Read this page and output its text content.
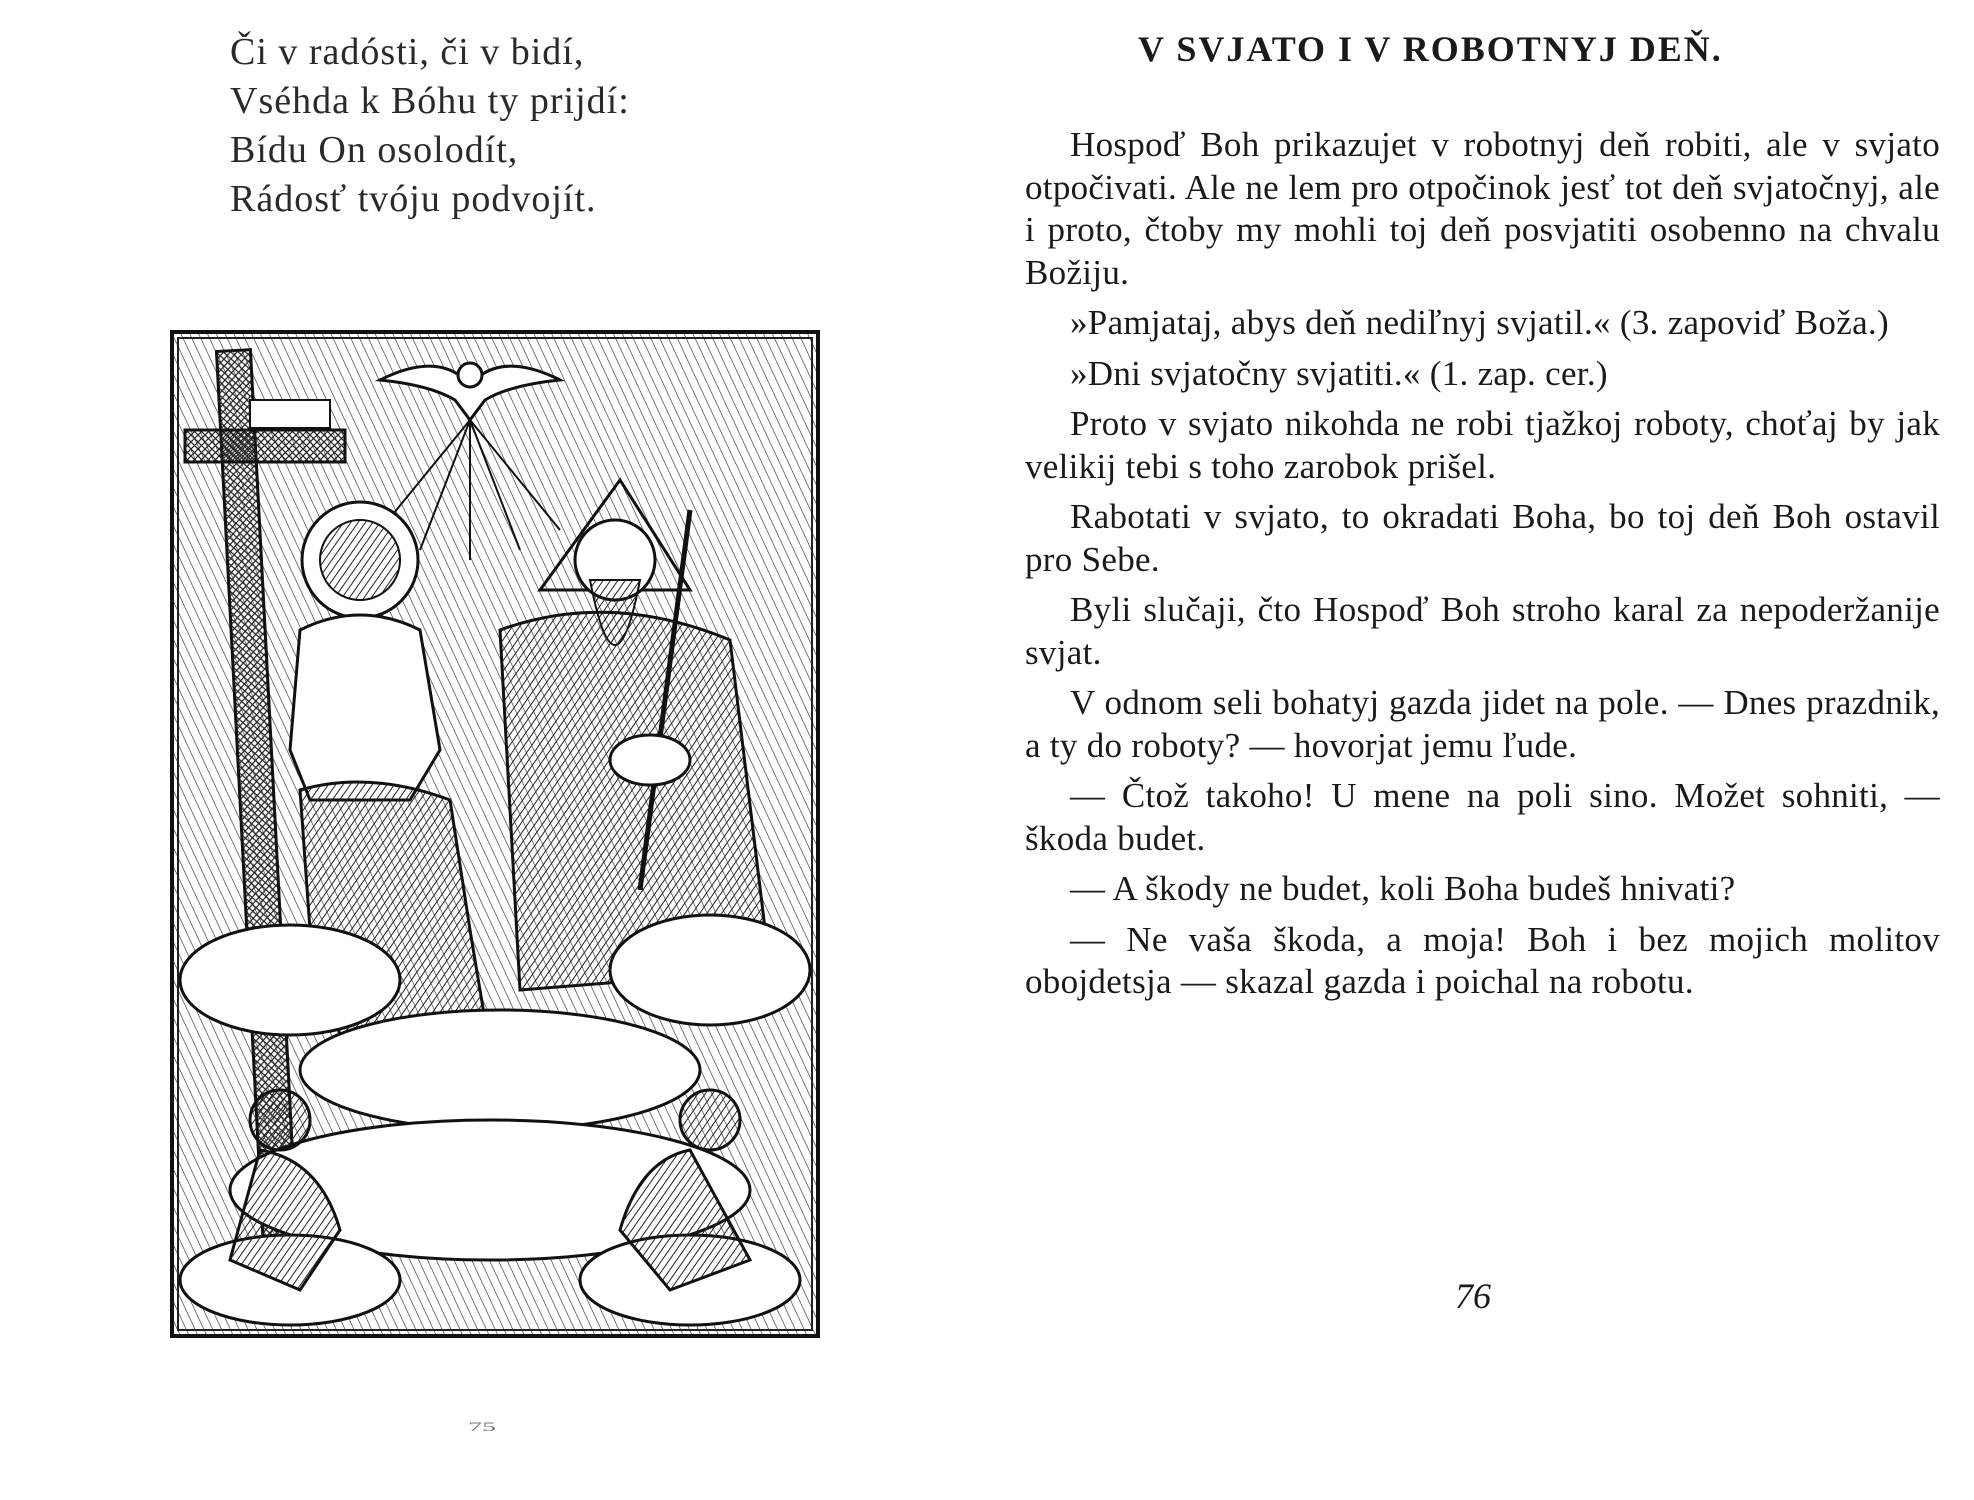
Či v radósti, či v bidí,
Vséhda k Bóhu ty prijdí:
Bídu On osolodít,
Rádosť tvóju podvojít.
75
V SVJATO I V ROBOTNYJ DEŇ.

Hospoď Boh prikazujet v robotnyj deň robiti, ale v svjato otpočivati. Ale ne lem pro otpočinok jesť tot deň svjatočnyj, ale i proto, čtoby my mohli toj deň posvjatiti osobenno na chvalu Božiju.

»Pamjataj, abys deň nediľnyj svjatil.« (3. zapoviď Boža.)

»Dni svjatočny svjatiti.« (1. zap. cer.)

Proto v svjato nikohda ne robi tjažkoj roboty, choťaj by jak velikij tebi s toho zarobok prišel.

Rabotati v svjato, to okradati Boha, bo toj deň Boh ostavil pro Sebe.

Byli slučaji, čto Hospoď Boh stroho karal za nepoderžanije svjat.

V odnom seli bohatyj gazda jidet na pole. — Dnes prazdnik, a ty do roboty? — hovorjat jemu ľude.

— Čtož takoho! U mene na poli sino. Možet sohniti, — škoda budet.

— A škody ne budet, koli Boha budeš hnivati?

— Ne vaša škoda, a moja! Boh i bez mojich molitov obojdetsja — skazal gazda i poichal na robotu.

76
